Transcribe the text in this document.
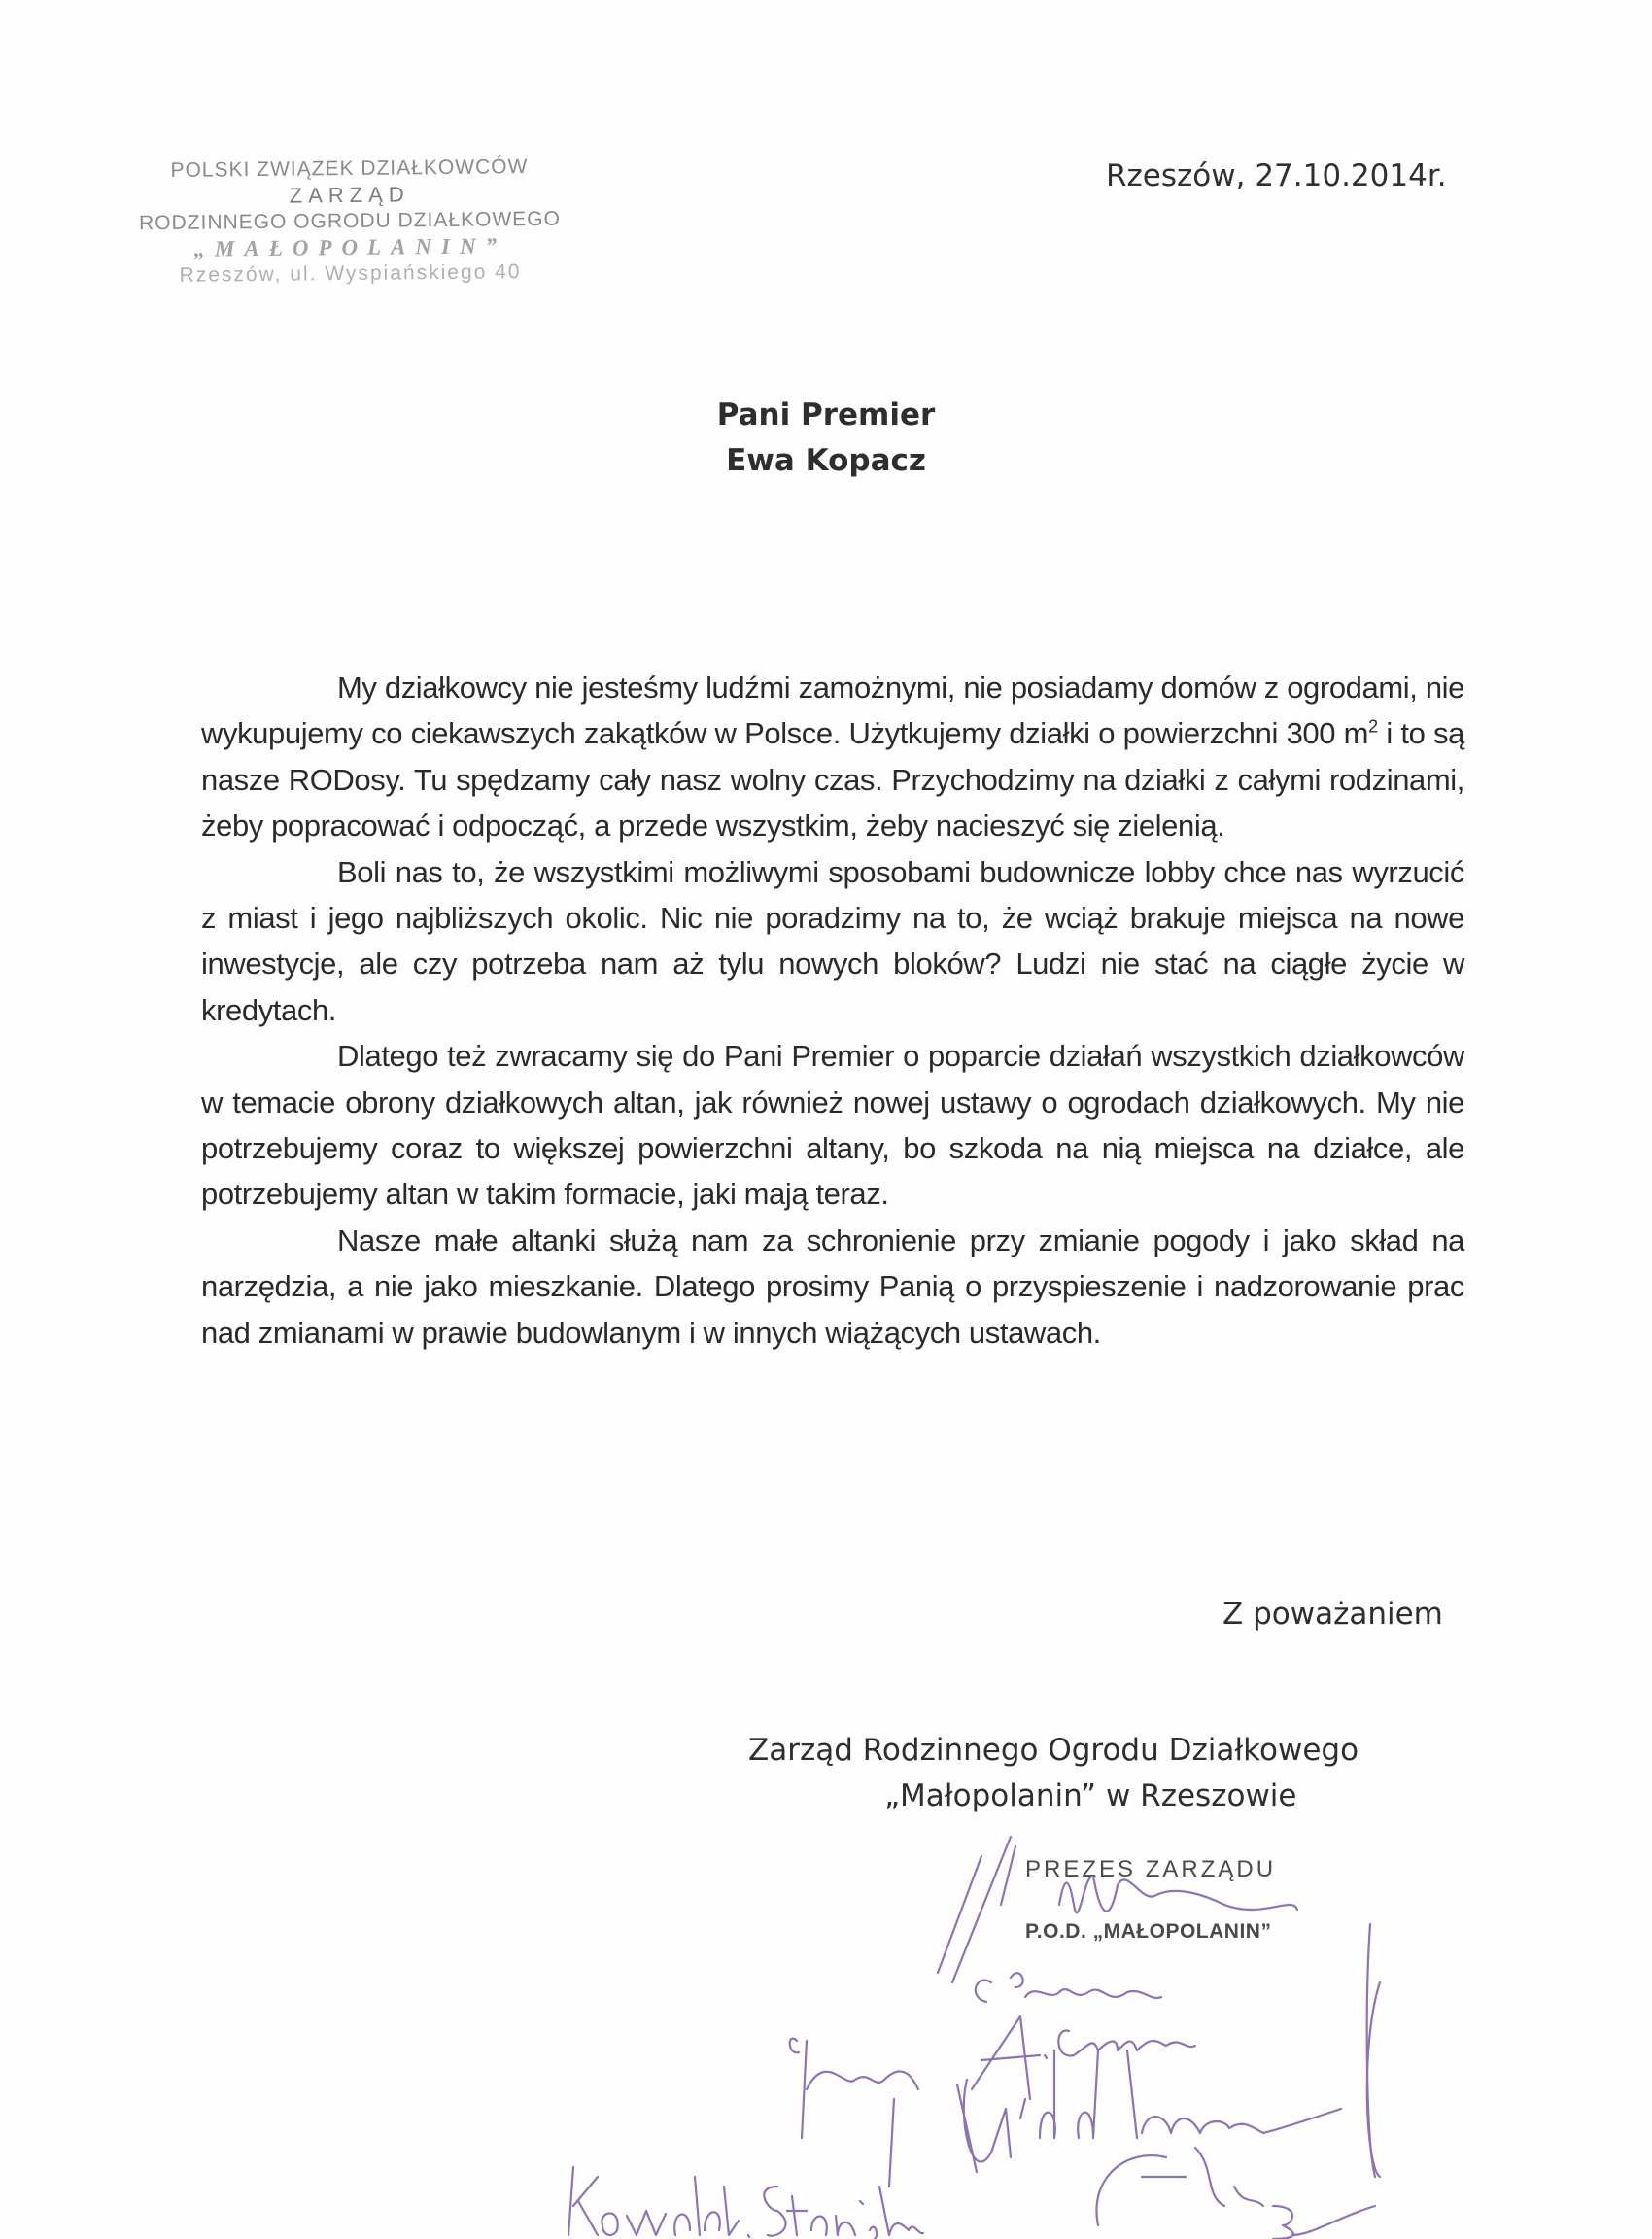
POLSKI ZWIĄZEK DZIAŁKOWCÓW
ZARZĄD
RODZINNEGO OGRODU DZIAŁKOWEGO
„MAŁOPOLANIN”
Rzeszów, ul. Wyspiańskiego 40
Rzeszów, 27.10.2014r.
Pani Premier
Ewa Kopacz

My działkowcy nie jesteśmy ludźmi zamożnymi, nie posiadamy domów z ogrodami, nie wykupujemy co ciekawszych zakątków w Polsce. Użytkujemy działki o powierzchni 300 $m^2$ i to są nasze RODosy. Tu spędzamy cały nasz wolny czas. Przychodzimy na działki z całymi rodzinami, żeby popracować i odpocząć, a przede wszystkim, żeby nacieszyć się zielenią.

Boli nas to, że wszystkimi możliwymi sposobami budownicze lobby chce nas wyrzucić z miast i jego najbliższych okolic. Nic nie poradzimy na to, że wciąż brakuje miejsca na nowe inwestycje, ale czy potrzeba nam aż tylu nowych bloków? Ludzi nie stać na ciągłe życie w kredytach.

Dlatego też zwracamy się do Pani Premier o poparcie działań wszystkich działkowców w temacie obrony działkowych altan, jak również nowej ustawy o ogrodach działkowych. My nie potrzebujemy coraz to większej powierzchni altany, bo szkoda na nią miejsca na działce, ale potrzebujemy altan w takim formacie, jaki mają teraz.

Nasze małe altanki służą nam za schronienie przy zmianie pogody i jako skład na narzędzia, a nie jako mieszkanie. Dlatego prosimy Panią o przyspieszenie i nadzorowanie prac nad zmianami w prawie budowlanym i w innych wiążących ustawach.

Z poważaniem
Zarząd Rodzinnego Ogrodu Działkowego
„Małopolanin” w Rzeszowie
PREZES ZARZĄDU
P.O.D. „MAŁOPOLANIN”
